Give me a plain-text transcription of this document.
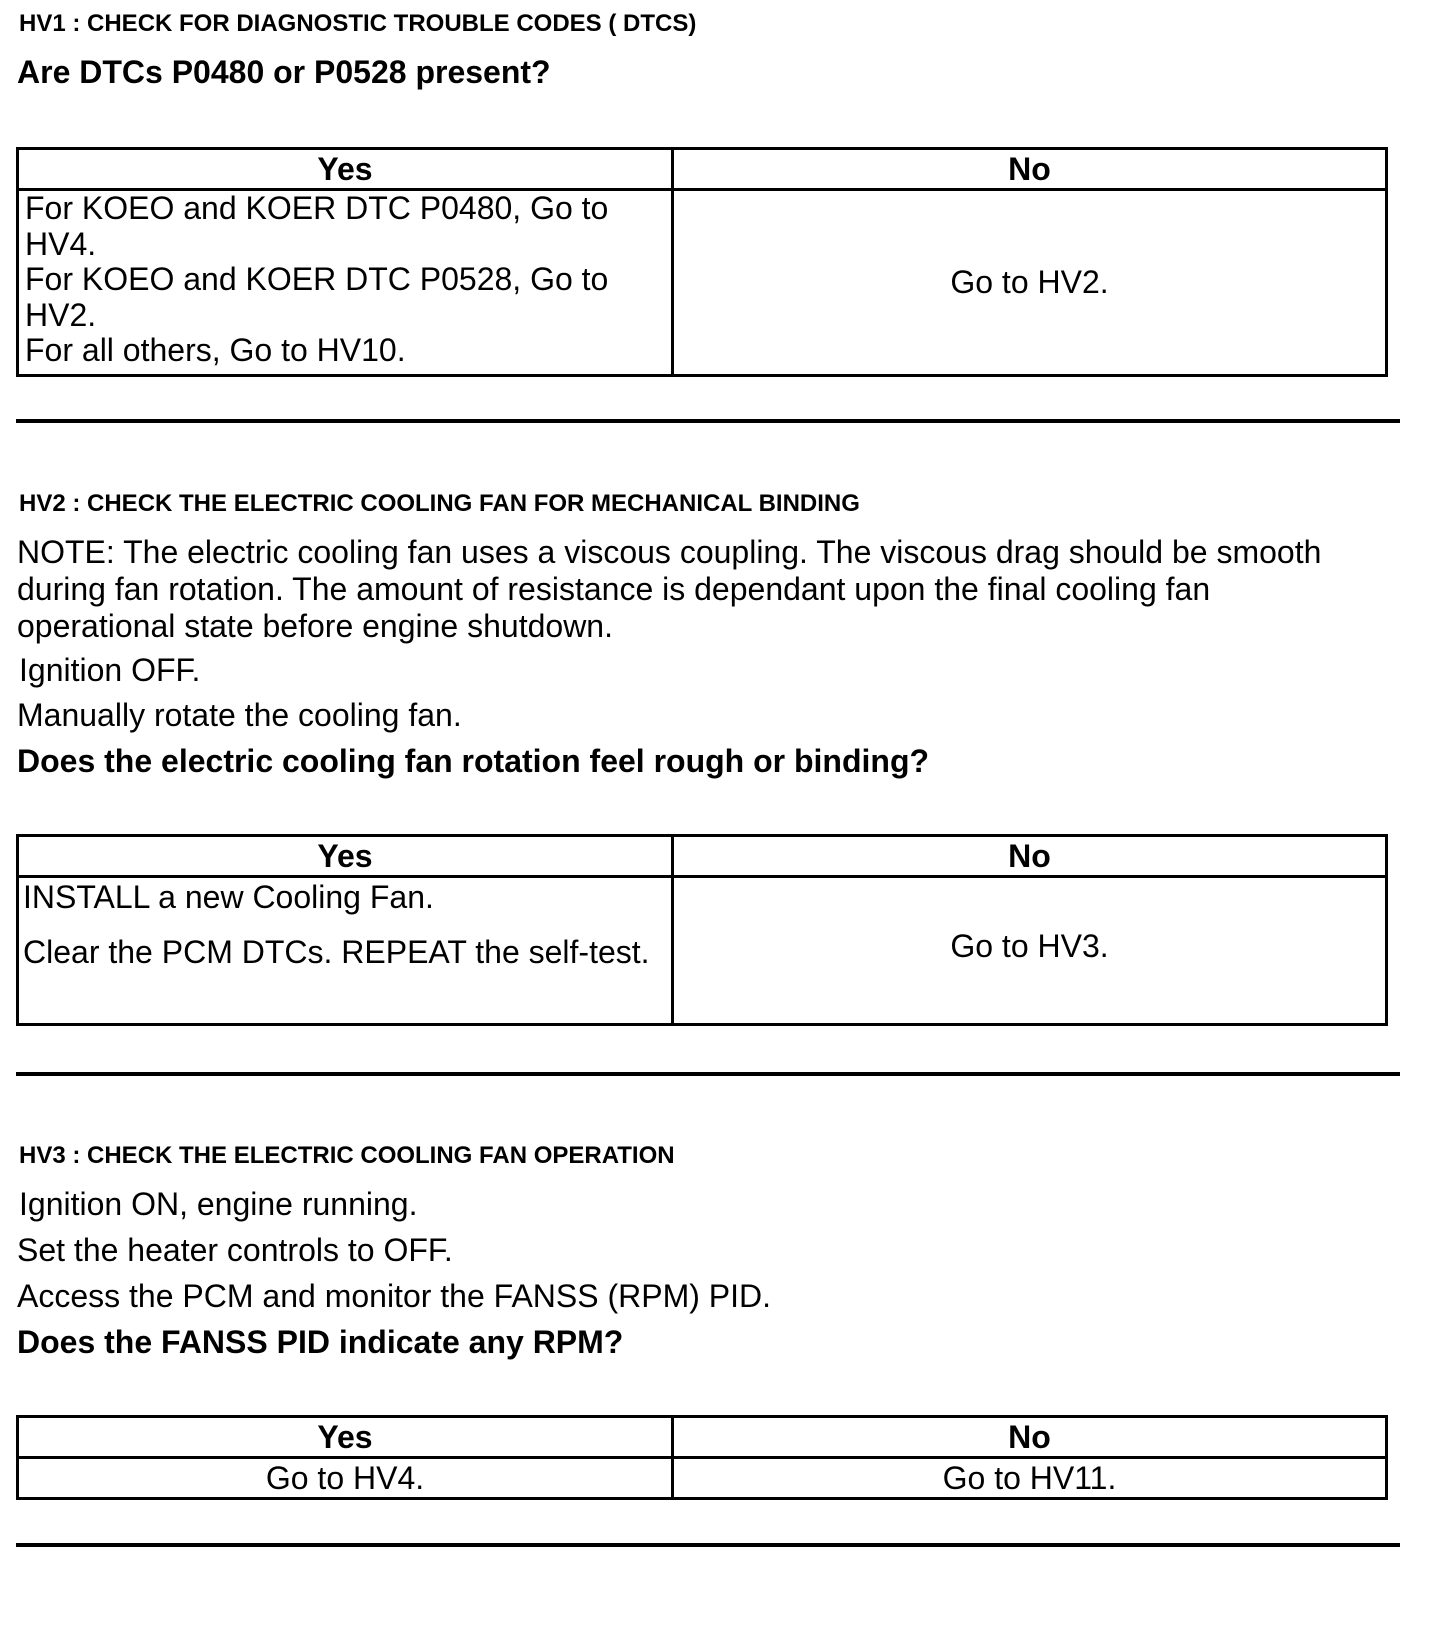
HV1 : CHECK FOR DIAGNOSTIC TROUBLE CODES ( DTCS)
Are DTCs P0480 or P0528 present?
Yes	No

For KOEO and KOER DTC P0480, Go to
HV4.
For KOEO and KOER DTC P0528, Go to
HV2.
For all others, Go to HV10.	Go to HV2.
HV2 : CHECK THE ELECTRIC COOLING FAN FOR MECHANICAL BINDING
NOTE: The electric cooling fan uses a viscous coupling. The viscous drag should be smooth
during fan rotation. The amount of resistance is dependant upon the final cooling fan
operational state before engine shutdown.
Ignition OFF.
Manually rotate the cooling fan.
Does the electric cooling fan rotation feel rough or binding?
Yes	No

INSTALL a new Cooling Fan.
Clear the PCM DTCs. REPEAT the self-test.	Go to HV3.
HV3 : CHECK THE ELECTRIC COOLING FAN OPERATION
Ignition ON, engine running.
Set the heater controls to OFF.
Access the PCM and monitor the FANSS (RPM) PID.
Does the FANSS PID indicate any RPM?
Yes	No
Go to HV4.	Go to HV11.
